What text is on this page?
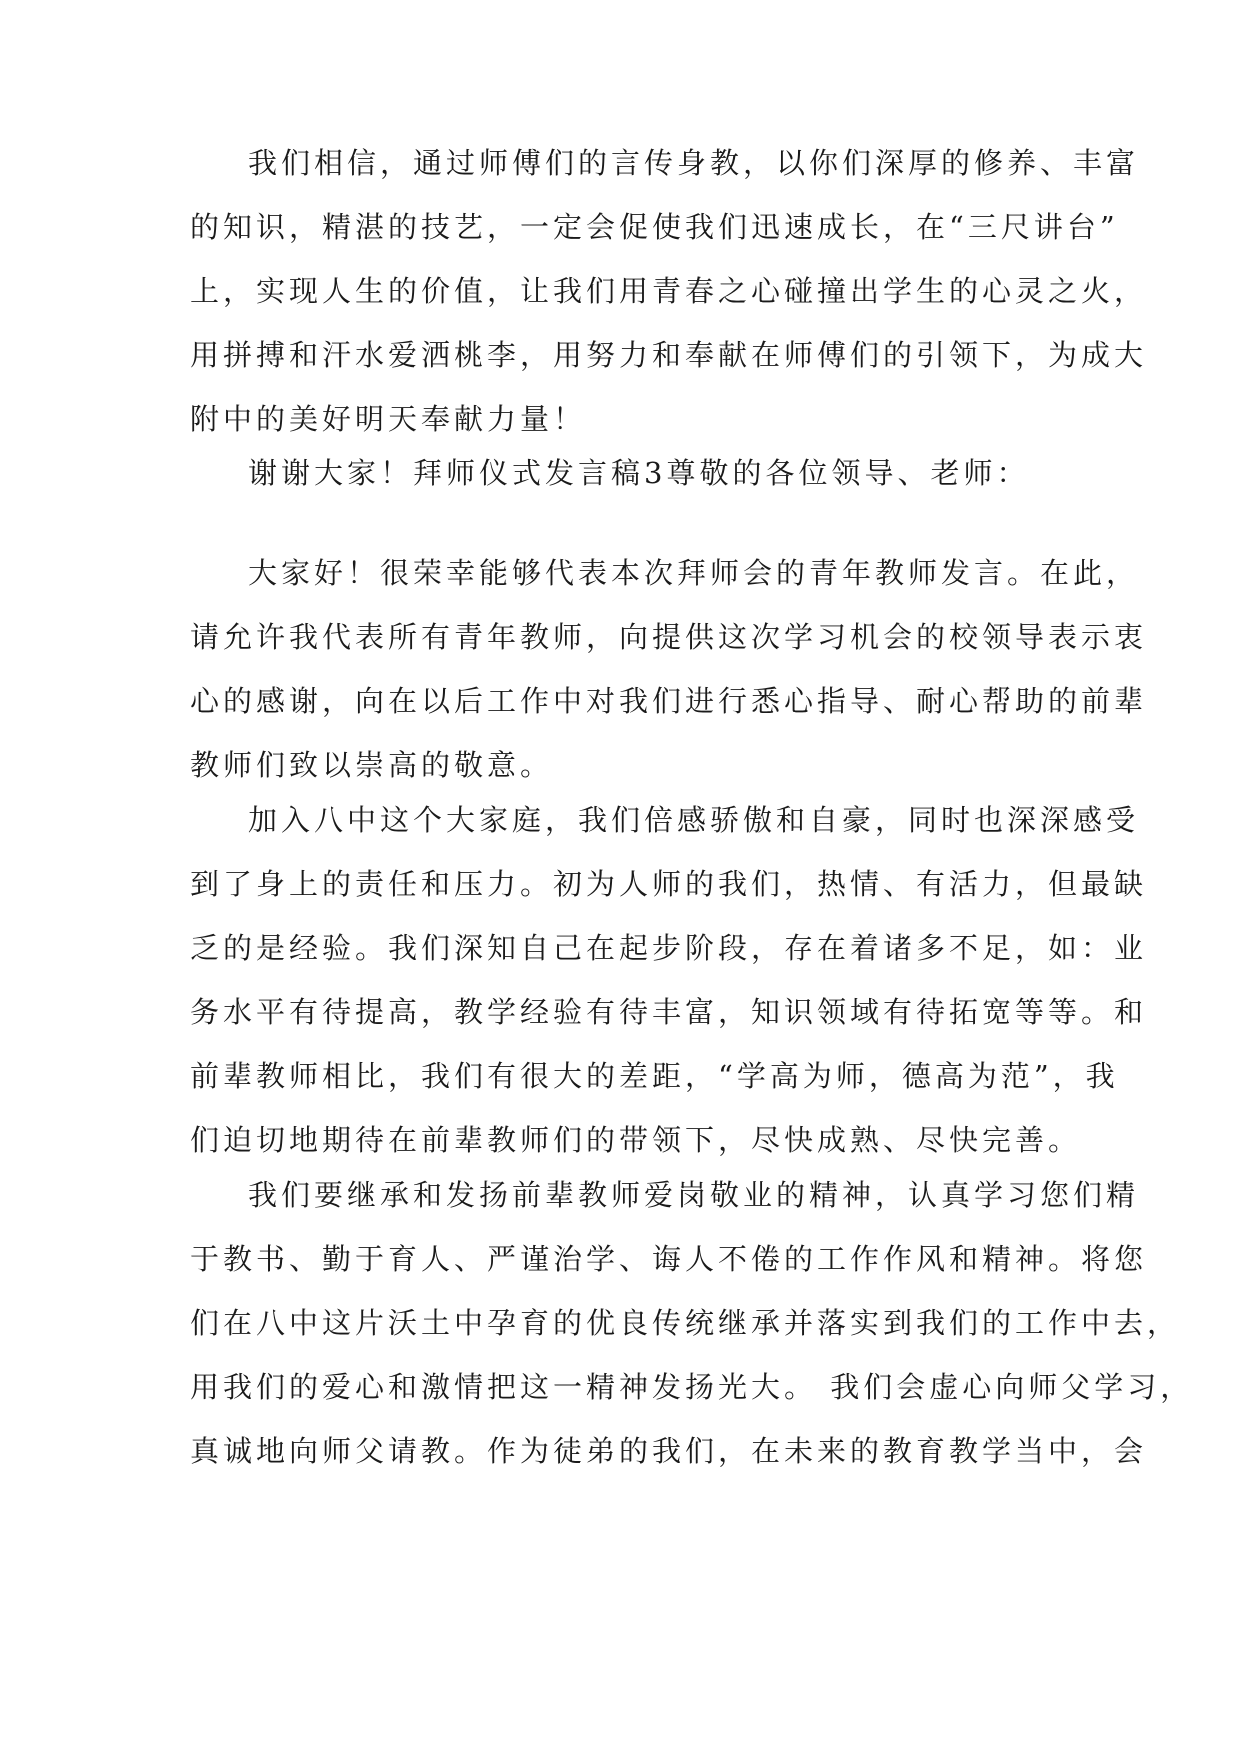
我们相信，通过师傅们的言传身教，以你们深厚的修养、丰富
的知识，精湛的技艺，一定会促使我们迅速成长，在“三尺讲台”
上，实现人生的价值，让我们用青春之心碰撞出学生的心灵之火，
用拼搏和汗水爱洒桃李，用努力和奉献在师傅们的引领下，为成大
附中的美好明天奉献力量！
谢谢大家！拜师仪式发言稿3尊敬的各位领导、老师：
大家好！很荣幸能够代表本次拜师会的青年教师发言。在此，
请允许我代表所有青年教师，向提供这次学习机会的校领导表示衷
心的感谢，向在以后工作中对我们进行悉心指导、耐心帮助的前辈
教师们致以崇高的敬意。
加入八中这个大家庭，我们倍感骄傲和自豪，同时也深深感受
到了身上的责任和压力。初为人师的我们，热情、有活力，但最缺
乏的是经验。我们深知自己在起步阶段，存在着诸多不足，如：业
务水平有待提高，教学经验有待丰富，知识领域有待拓宽等等。和
前辈教师相比，我们有很大的差距，“学高为师，德高为范”，我
们迫切地期待在前辈教师们的带领下，尽快成熟、尽快完善。
我们要继承和发扬前辈教师爱岗敬业的精神，认真学习您们精
于教书、勤于育人、严谨治学、诲人不倦的工作作风和精神。将您
们在八中这片沃土中孕育的优良传统继承并落实到我们的工作中去，
用我们的爱心和激情把这一精神发扬光大。 我们会虚心向师父学习，
真诚地向师父请教。作为徒弟的我们，在未来的教育教学当中，会
